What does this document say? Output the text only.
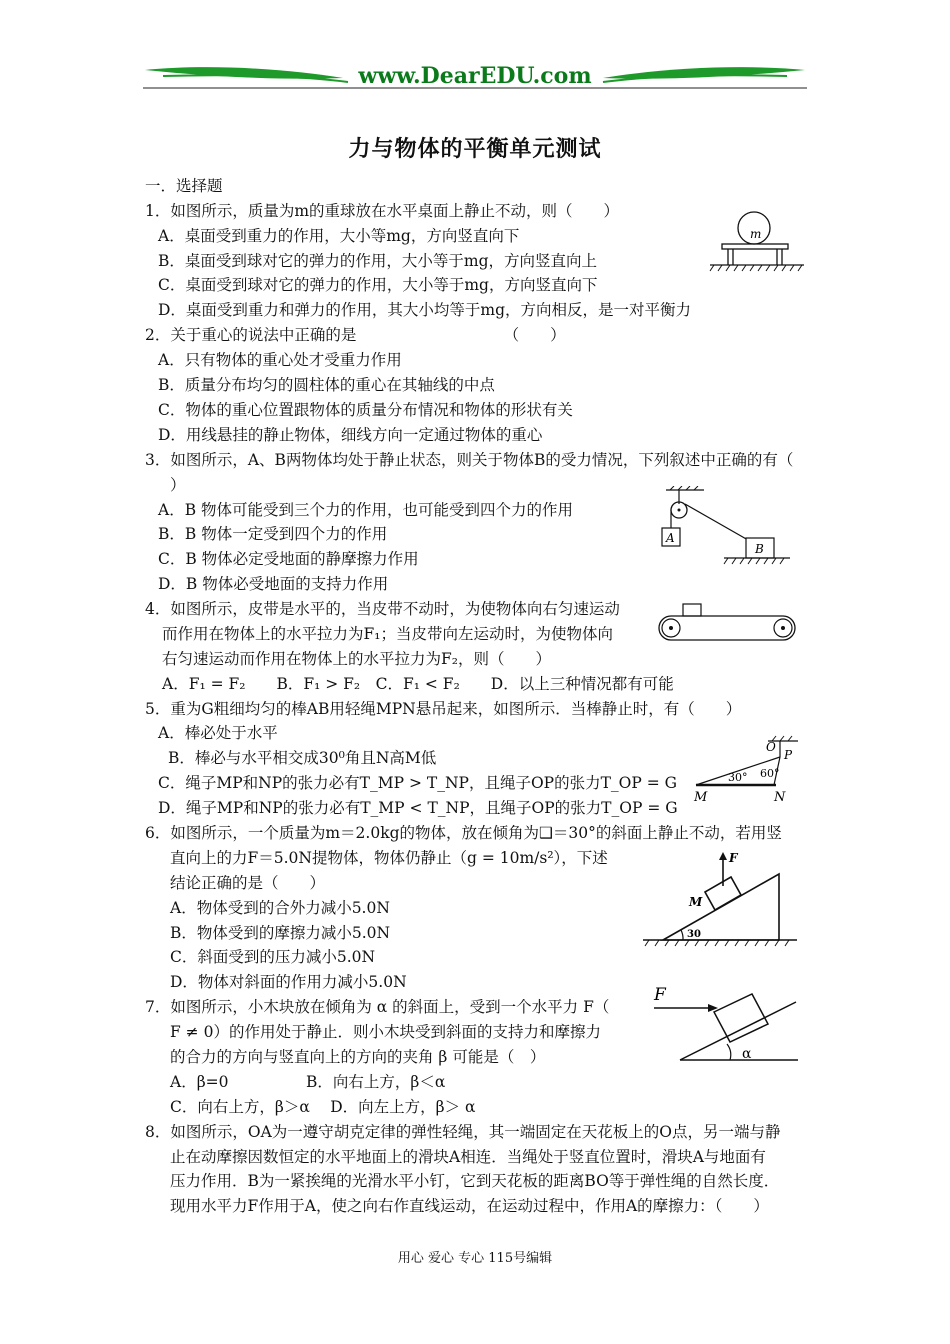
www.DearEDU.com
力与物体的平衡单元测试
一．选择题
1．如图所示，质量为m的重球放在水平桌面上静止不动，则（　　）
A．桌面受到重力的作用，大小等mg，方向竖直向下
B．桌面受到球对它的弹力的作用，大小等于mg，方向竖直向上
C．桌面受到球对它的弹力的作用，大小等于mg，方向竖直向下
D．桌面受到重力和弹力的作用，其大小均等于mg，方向相反，是一对平衡力
2．关于重心的说法中正确的是　　　　　　　　　　（　　）
A．只有物体的重心处才受重力作用
B．质量分布均匀的圆柱体的重心在其轴线的中点
C．物体的重心位置跟物体的质量分布情况和物体的形状有关
D．用线悬挂的静止物体，细线方向一定通过物体的重心
3．如图所示，A、B两物体均处于静止状态，则关于物体B的受力情况，下列叙述中正确的有（
）
A．B 物体可能受到三个力的作用，也可能受到四个力的作用
B．B 物体一定受到四个力的作用
C．B 物体必定受地面的静摩擦力作用
D．B 物体必受地面的支持力作用
4．如图所示，皮带是水平的，当皮带不动时，为使物体向右匀速运动
而作用在物体上的水平拉力为F₁；当皮带向左运动时，为使物体向
右匀速运动而作用在物体上的水平拉力为F₂，则（　　）
A．F₁ = F₂　　B．F₁ > F₂　C．F₁ < F₂　　D．以上三种情况都有可能
5．重为G粗细均匀的棒AB用轻绳MPN悬吊起来，如图所示．当棒静止时，有（　　）
A．棒必处于水平
B．棒必与水平相交成30⁰角且N高M低
C．绳子MP和NP的张力必有T_MP > T_NP，且绳子OP的张力T_OP = G
D．绳子MP和NP的张力必有T_MP < T_NP，且绳子OP的张力T_OP = G
6．如图所示，一个质量为m＝2.0kg的物体，放在倾角为❑＝30°的斜面上静止不动，若用竖
直向上的力F＝5.0N提物体，物体仍静止（g = 10m/s²），下述
结论正确的是（　　）
A．物体受到的合外力减小5.0N
B．物体受到的摩擦力减小5.0N
C．斜面受到的压力减小5.0N
D．物体对斜面的作用力减小5.0N
7．如图所示，小木块放在倾角为 α 的斜面上，受到一个水平力 F（
F ≠ 0）的作用处于静止．则小木块受到斜面的支持力和摩擦力
的合力的方向与竖直向上的方向的夹角 β 可能是（　）
A．β=0　　　　　B．向右上方，β＜α
C．向右上方，β＞α　 D．向左上方，β＞ α
8．如图所示，OA为一遵守胡克定律的弹性轻绳，其一端固定在天花板上的O点，另一端与静
止在动摩擦因数恒定的水平地面上的滑块A相连．当绳处于竖直位置时，滑块A与地面有
压力作用．B为一紧挨绳的光滑水平小钉，它到天花板的距离BO等于弹性绳的自然长度．
现用水平力F作用于A，使之向右作直线运动，在运动过程中，作用A的摩擦力：（　　）
m
A
B
O
P
30° 60°
M	N
F
M
30
F
α
用心 爱心 专心 115号编辑
